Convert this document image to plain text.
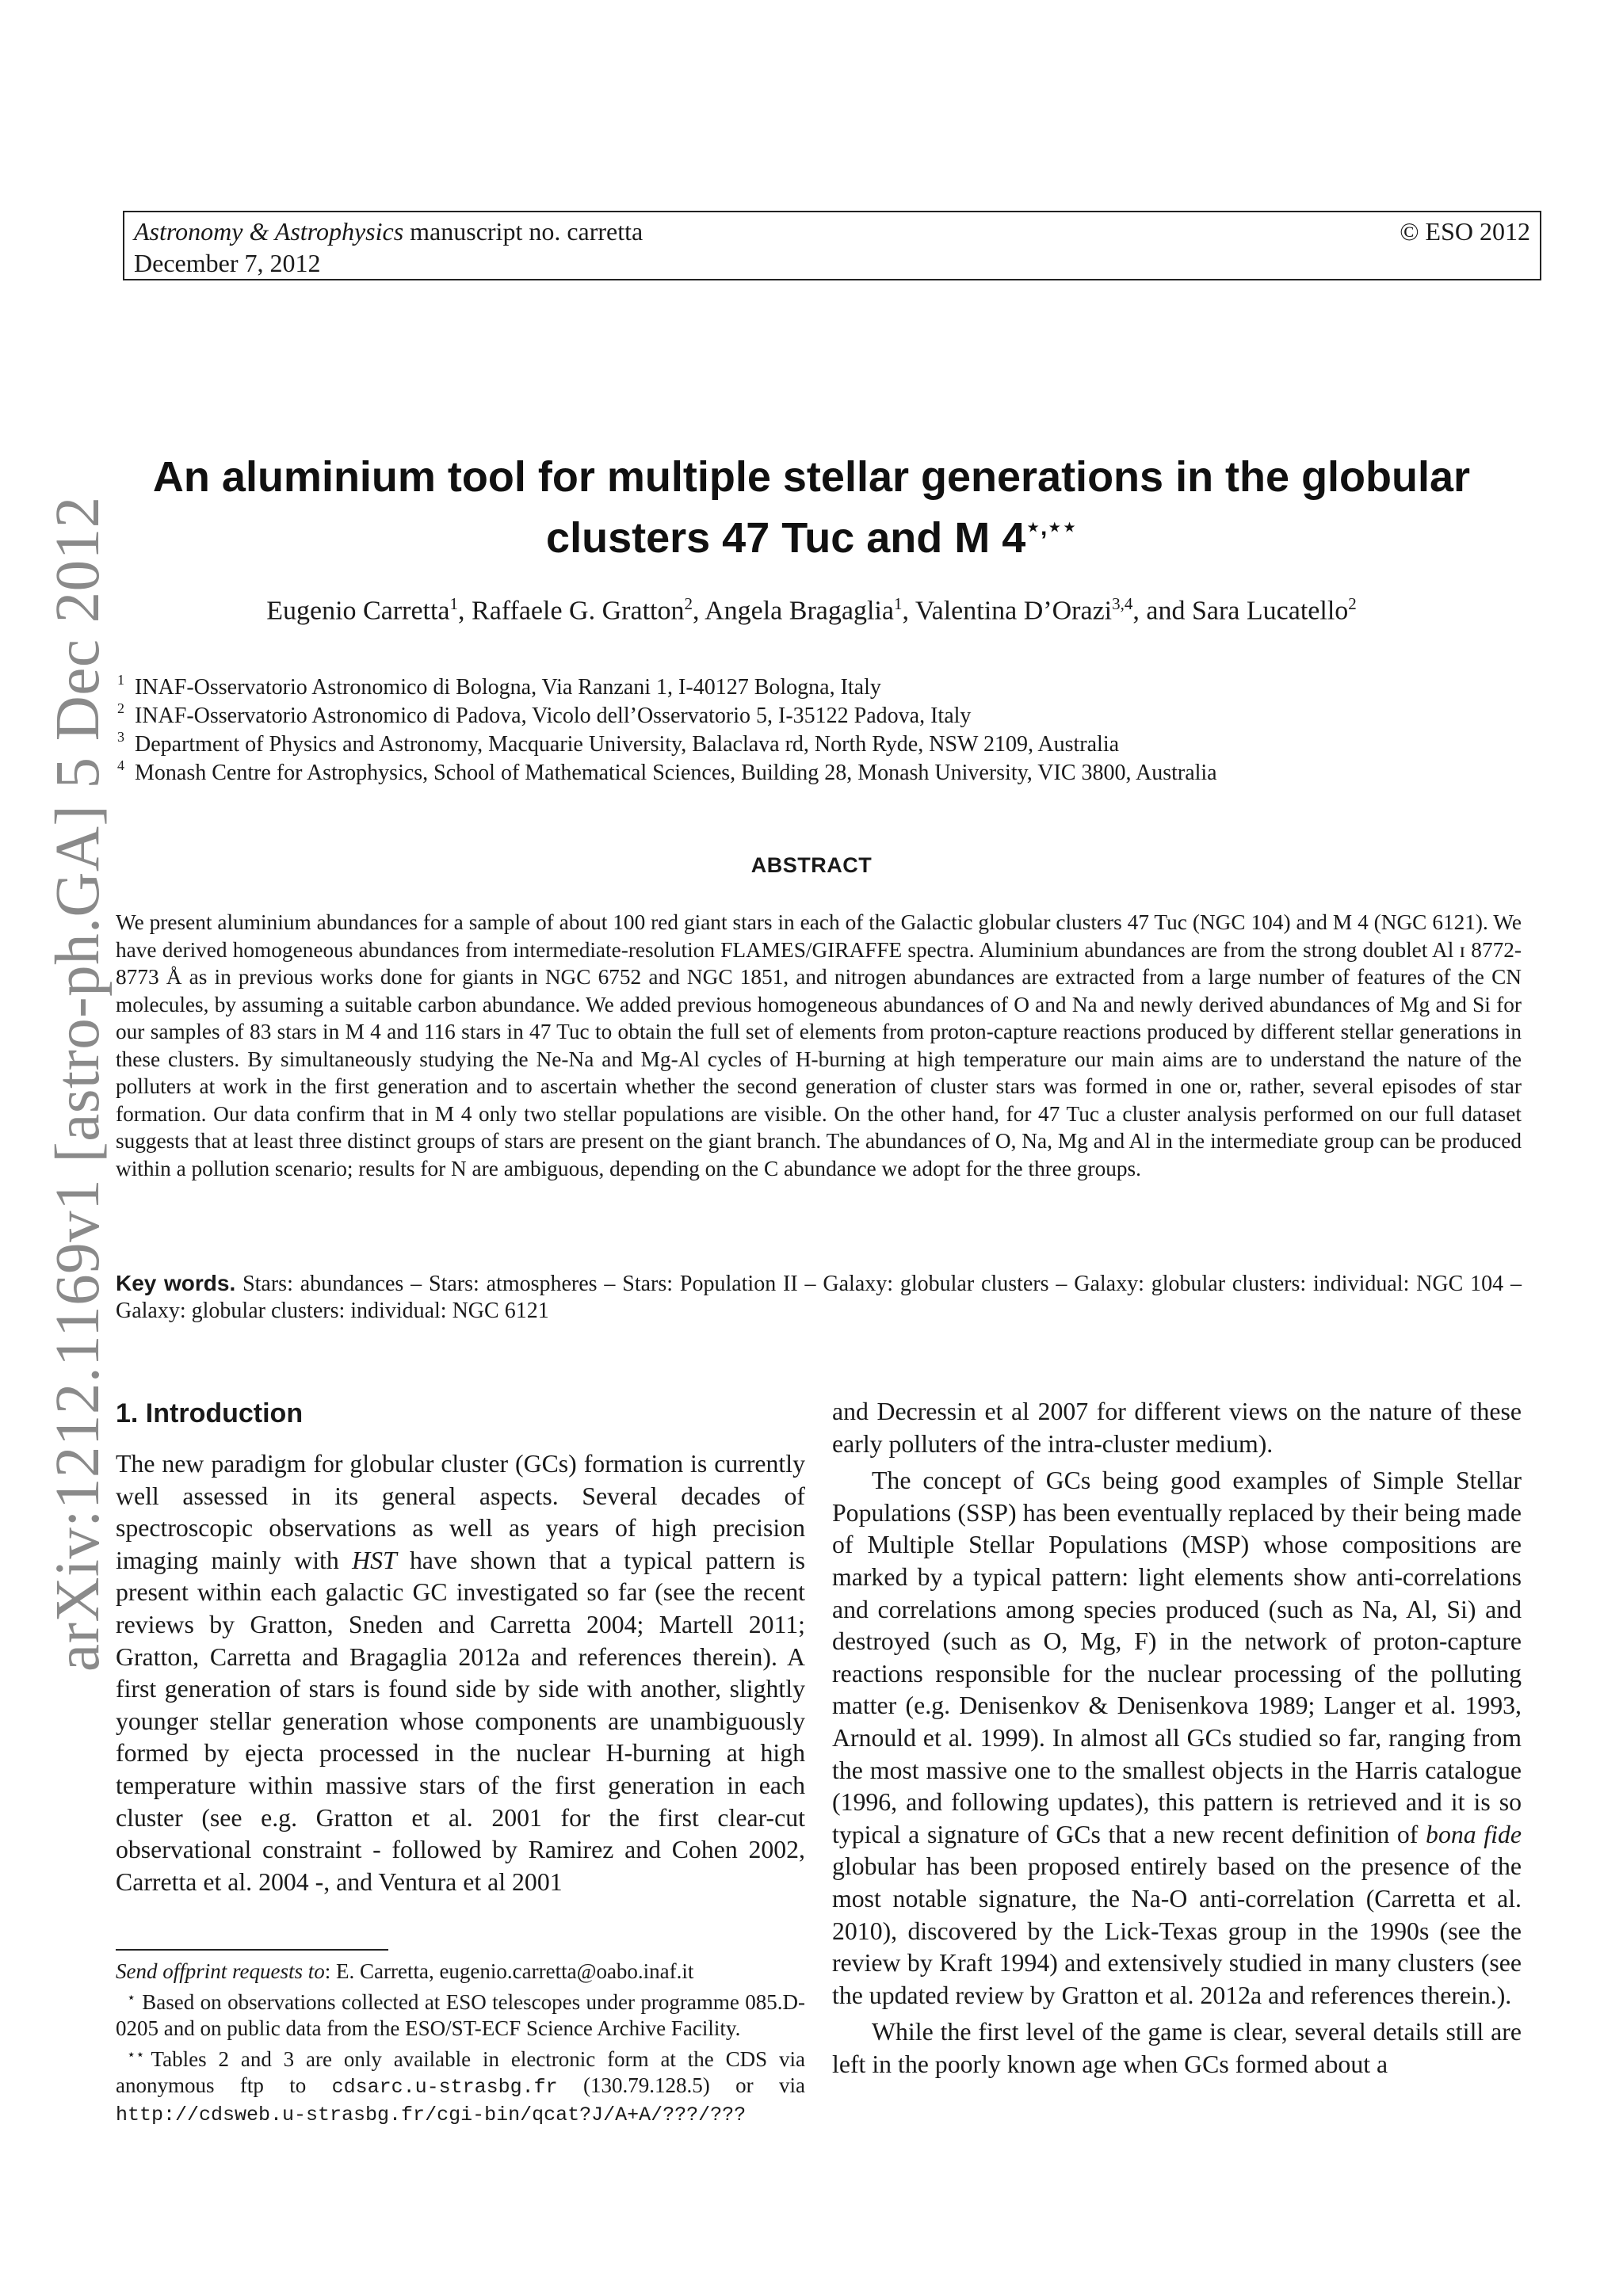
Astronomy & Astrophysics manuscript no. carretta
December 7, 2012
© ESO 2012
arXiv:1212.1169v1 [astro-ph.GA] 5 Dec 2012
An aluminium tool for multiple stellar generations in the globular
clusters 47 Tuc and M 4⋆,⋆⋆
Eugenio Carretta$^1$, Raffaele G. Gratton$^2$, Angela Bragaglia$^1$, Valentina D’Orazi$^{3,4}$, and Sara Lucatello$^2$
$^1$ INAF-Osservatorio Astronomico di Bologna, Via Ranzani 1, I-40127 Bologna, Italy
$^2$ INAF-Osservatorio Astronomico di Padova, Vicolo dell’Osservatorio 5, I-35122 Padova, Italy
$^3$ Department of Physics and Astronomy, Macquarie University, Balaclava rd, North Ryde, NSW 2109, Australia
$^4$ Monash Centre for Astrophysics, School of Mathematical Sciences, Building 28, Monash University, VIC 3800, Australia
ABSTRACT
We present aluminium abundances for a sample of about 100 red giant stars in each of the Galactic globular clusters 47 Tuc (NGC 104) and M 4 (NGC 6121). We have derived homogeneous abundances from intermediate-resolution FLAMES/GIRAFFE spectra. Aluminium abundances are from the strong doublet Al ɪ 8772-8773 Å as in previous works done for giants in NGC 6752 and NGC 1851, and nitrogen abundances are extracted from a large number of features of the CN molecules, by assuming a suitable carbon abundance. We added previous homogeneous abundances of O and Na and newly derived abundances of Mg and Si for our samples of 83 stars in M 4 and 116 stars in 47 Tuc to obtain the full set of elements from proton-capture reactions produced by different stellar generations in these clusters. By simultaneously studying the Ne-Na and Mg-Al cycles of H-burning at high temperature our main aims are to understand the nature of the polluters at work in the first generation and to ascertain whether the second generation of cluster stars was formed in one or, rather, several episodes of star formation. Our data confirm that in M 4 only two stellar populations are visible. On the other hand, for 47 Tuc a cluster analysis performed on our full dataset suggests that at least three distinct groups of stars are present on the giant branch. The abundances of O, Na, Mg and Al in the intermediate group can be produced within a pollution scenario; results for N are ambiguous, depending on the C abundance we adopt for the three groups.
Key words. Stars: abundances – Stars: atmospheres – Stars: Population II – Galaxy: globular clusters – Galaxy: globular clusters: individual: NGC 104 – Galaxy: globular clusters: individual: NGC 6121
1. Introduction

The new paradigm for globular cluster (GCs) formation is currently well assessed in its general aspects. Several decades of spectroscopic observations as well as years of high precision imaging mainly with HST have shown that a typical pattern is present within each galactic GC investigated so far (see the recent reviews by Gratton, Sneden and Carretta 2004; Martell 2011; Gratton, Carretta and Bragaglia 2012a and references therein). A first generation of stars is found side by side with another, slightly younger stellar generation whose components are unambiguously formed by ejecta processed in the nuclear H-burning at high temperature within massive stars of the first generation in each cluster (see e.g. Gratton et al. 2001 for the first clear-cut observational constraint - followed by Ramirez and Cohen 2002, Carretta et al. 2004 -, and Ventura et al 2001

and Decressin et al 2007 for different views on the nature of these early polluters of the intra-cluster medium).

The concept of GCs being good examples of Simple Stellar Populations (SSP) has been eventually replaced by their being made of Multiple Stellar Populations (MSP) whose compositions are marked by a typical pattern: light elements show anti-correlations and correlations among species produced (such as Na, Al, Si) and destroyed (such as O, Mg, F) in the network of proton-capture reactions responsible for the nuclear processing of the polluting matter (e.g. Denisenkov & Denisenkova 1989; Langer et al. 1993, Arnould et al. 1999). In almost all GCs studied so far, ranging from the most massive one to the smallest objects in the Harris catalogue (1996, and following updates), this pattern is retrieved and it is so typical a signature of GCs that a new recent definition of bona fide globular has been proposed entirely based on the presence of the most notable signature, the Na-O anti-correlation (Carretta et al. 2010), discovered by the Lick-Texas group in the 1990s (see the review by Kraft 1994) and extensively studied in many clusters (see the updated review by Gratton et al. 2012a and references therein.).

While the first level of the game is clear, several details still are left in the poorly known age when GCs formed about a

Send offprint requests to: E. Carretta, eugenio.carretta@oabo.inaf.it

⋆ Based on observations collected at ESO telescopes under programme 085.D-0205 and on public data from the ESO/ST-ECF Science Archive Facility.

⋆⋆ Tables 2 and 3 are only available in electronic form at the CDS via anonymous ftp to cdsarc.u-strasbg.fr (130.79.128.5) or via http://cdsweb.u-strasbg.fr/cgi-bin/qcat?J/A+A/???/???
